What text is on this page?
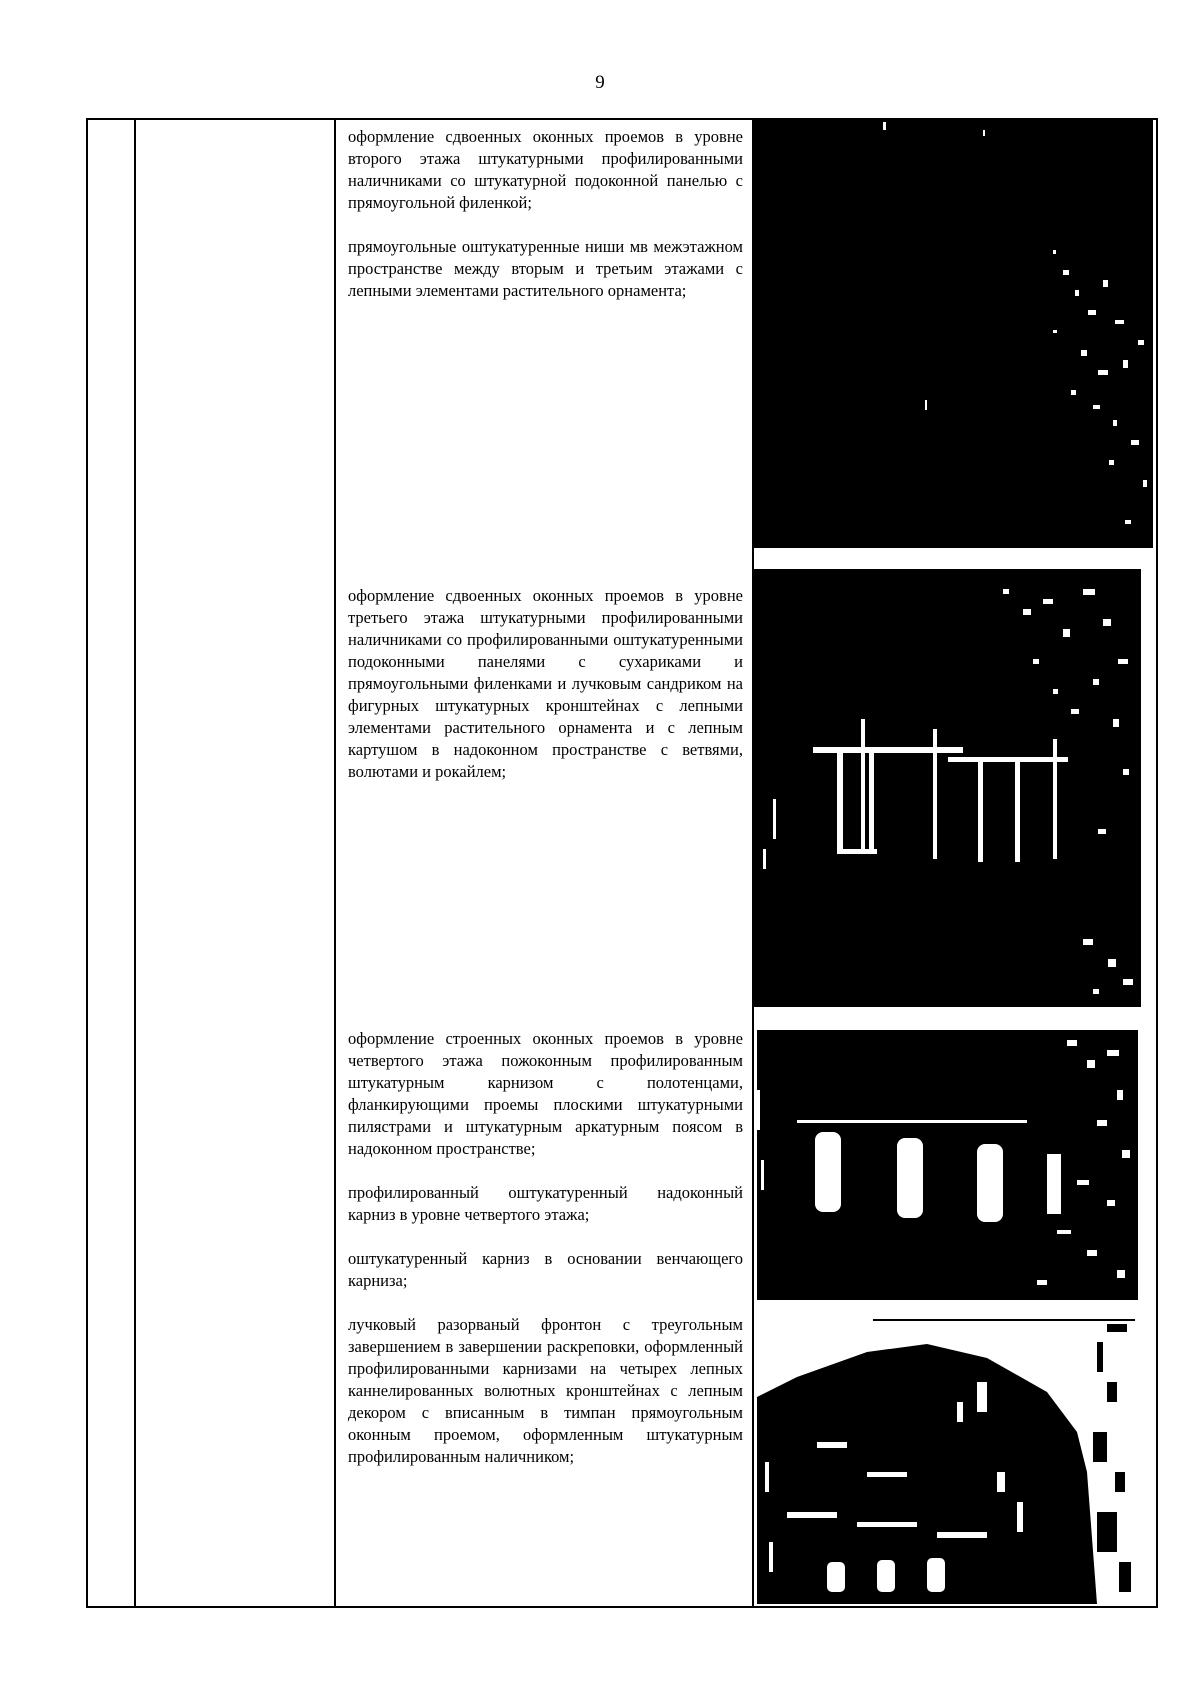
9

оформление сдвоенных оконных проемов в уровне второго этажа штукатурными профилированными наличниками со штукатурной подоконной панелью с прямоугольной филенкой;

прямоугольные оштукатуренные ниши мв межэтажном пространстве между вторым и третьим этажами с лепными элементами растительного орнамента;

оформление сдвоенных оконных проемов в уровне третьего этажа штукатурными профилированными наличниками со профилированными оштукатуренными подоконными панелями с сухариками и прямоугольными филенками и лучковым сандриком на фигурных штукатурных кронштейнах с лепными элементами растительного орнамента и с лепным картушом в надоконном пространстве с ветвями, волютами и рокайлем;

оформление строенных оконных проемов в уровне четвертого этажа пожоконным профилированным штукатурным карнизом с полотенцами, фланкирующими проемы плоскими штукатурными пилястрами и штукатурным аркатурным поясом в надоконном пространстве;

профилированный оштукатуренный надоконный карниз в уровне четвертого этажа;

оштукатуренный карниз в основании венчающего карниза;

лучковый разорваный фронтон с треугольным завершением в завершении раскреповки, оформленный профилированными карнизами на четырех лепных каннелированных волютных кронштейнах с лепным декором с вписанным в тимпан прямоугольным оконным проемом, оформленным штукатурным профилированным наличником;
